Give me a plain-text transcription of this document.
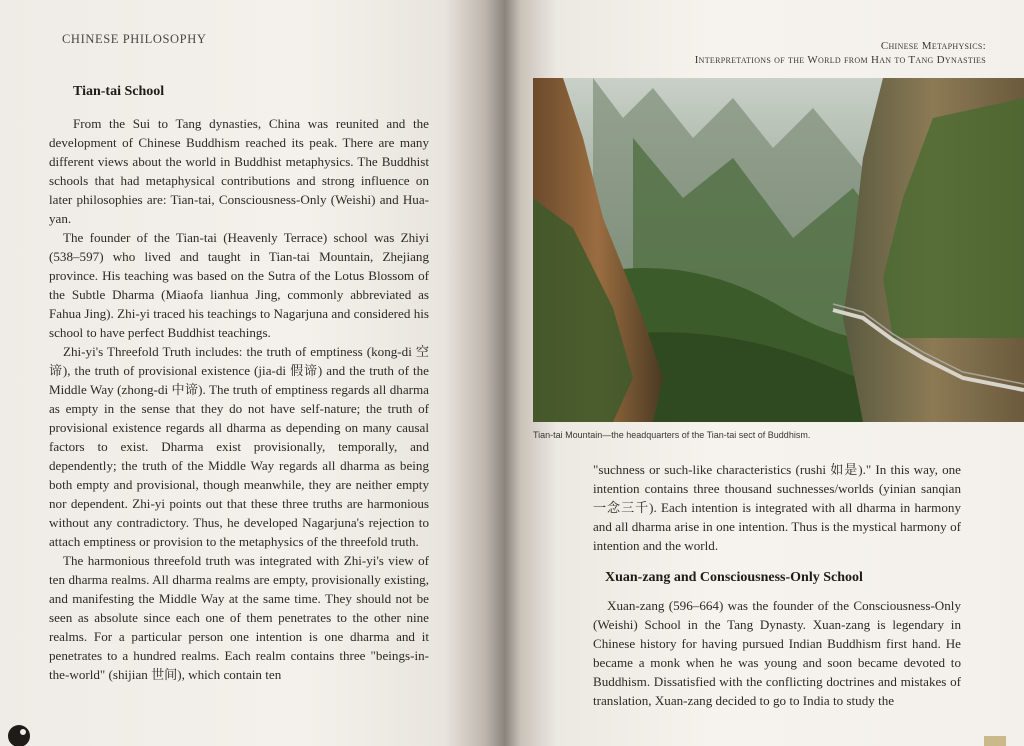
CHINESE PHILOSOPHY
Tian-tai School

From the Sui to Tang dynasties, China was reunited and the development of Chinese Buddhism reached its peak. There are many different views about the world in Buddhist metaphysics. The Buddhist schools that had metaphysical contributions and strong influence on later philosophies are: Tian-tai, Consciousness-Only (Weishi) and Hua-yan.

The founder of the Tian-tai (Heavenly Terrace) school was Zhiyi (538–597) who lived and taught in Tian-tai Mountain, Zhejiang province. His teaching was based on the Sutra of the Lotus Blossom of the Subtle Dharma (Miaofa lianhua Jing, commonly abbreviated as Fahua Jing). Zhi-yi traced his teachings to Nagarjuna and considered his school to have perfect Buddhist teachings.

Zhi-yi's Threefold Truth includes: the truth of emptiness (kong-di 空谛), the truth of provisional existence (jia-di 假谛) and the truth of the Middle Way (zhong-di 中谛). The truth of emptiness regards all dharma as empty in the sense that they do not have self-nature; the truth of provisional existence regards all dharma as depending on many causal factors to exist. Dharma exist provisionally, temporally, and dependently; the truth of the Middle Way regards all dharma as being both empty and provisional, though meanwhile, they are neither empty nor dependent. Zhi-yi points out that these three truths are harmonious without any contradictory. Thus, he developed Nagarjuna's rejection to attach emptiness or provision to the metaphysics of the threefold truth.

The harmonious threefold truth was integrated with Zhi-yi's view of ten dharma realms. All dharma realms are empty, provisionally existing, and manifesting the Middle Way at the same time. They should not be seen as absolute since each one of them penetrates to the other nine realms. For a particular person one intention is one dharma and it penetrates to a hundred realms. Each realm contains three "beings-in-the-world" (shijian 世间), which contain ten

Chinese Metaphysics:
Interpretations of the World from Han to Tang Dynasties
Tian-tai Mountain—the headquarters of the Tian-tai sect of Buddhism.

"suchness or such-like characteristics (rushi 如是)." In this way, one intention contains three thousand suchnesses/worlds (yinian sanqian 一念三千). Each intention is integrated with all dharma in harmony and all dharma arise in one intention. Thus is the mystical harmony of intention and the world.

Xuan-zang and Consciousness-Only School

Xuan-zang (596–664) was the founder of the Consciousness-Only (Weishi) School in the Tang Dynasty. Xuan-zang is legendary in Chinese history for having pursued Indian Buddhism first hand. He became a monk when he was young and soon became devoted to Buddhism. Dissatisfied with the conflicting doctrines and mistakes of translation, Xuan-zang decided to go to India to study the
